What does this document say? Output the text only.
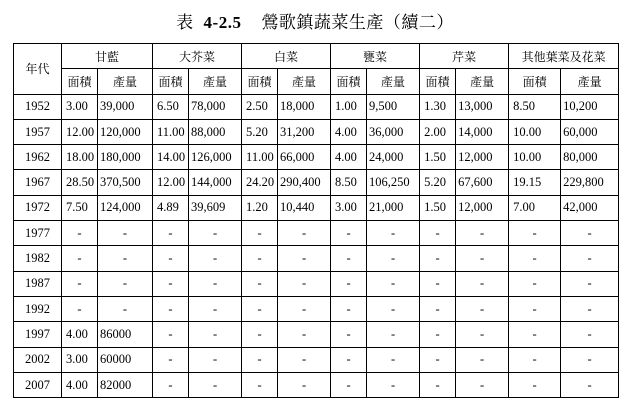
表 4-2.5 鶯歌鎮蔬菜生產（續二）
年代	甘藍		大芥菜		白菜		甕菜		芹菜		其他葉菜及花菜	
	面積	產量	面積	產量	面積	產量	面積	產量	面積	產量	面積	產量
1952	3.00	39,000	6.50	78,000	2.50	18,000	1.00	9,500	1.30	13,000	8.50	10,200
1957	12.00	120,000	11.00	88,000	5.20	31,200	4.00	36,000	2.00	14,000	10.00	60,000
1962	18.00	180,000	14.00	126,000	11.00	66,000	4.00	24,000	1.50	12,000	10.00	80,000
1967	28.50	370,500	12.00	144,000	24.20	290,400	8.50	106,250	5.20	67,600	19.15	229,800
1972	7.50	124,000	4.89	39,609	1.20	10,440	3.00	21,000	1.50	12,000	7.00	42,000
1977	-	-	-	-	-	-	-	-	-	-	-	-
1982	-	-	-	-	-	-	-	-	-	-	-	-
1987	-	-	-	-	-	-	-	-	-	-	-	-
1992	-	-	-	-	-	-	-	-	-	-	-	-
1997	4.00	86000	-	-	-	-	-	-	-	-	-	-
2002	3.00	60000	-	-	-	-	-	-	-	-	-	-
2007	4.00	82000	-	-	-	-	-	-	-	-	-	-
